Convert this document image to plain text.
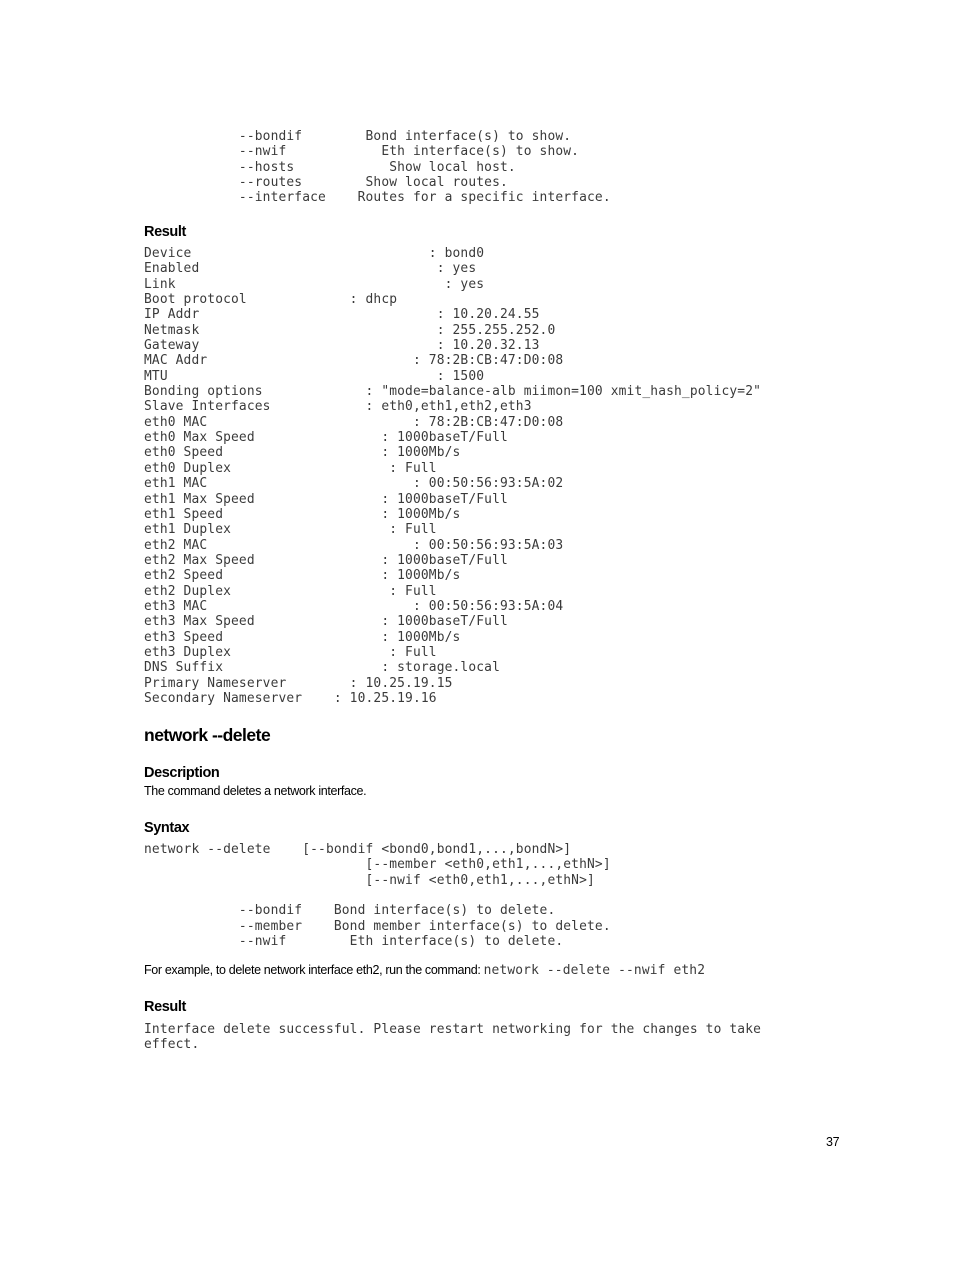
--bondif        Bond interface(s) to show.
--nwif            Eth interface(s) to show.
--hosts            Show local host.
--routes        Show local routes.
--interface    Routes for a specific interface.
Result
Device                              : bond0
Enabled                              : yes
Link                                  : yes
Boot protocol             : dhcp
IP Addr                              : 10.20.24.55
Netmask                              : 255.255.252.0
Gateway                              : 10.20.32.13
MAC Addr                          : 78:2B:CB:47:D0:08
MTU                                  : 1500
Bonding options             : "mode=balance-alb miimon=100 xmit_hash_policy=2"
Slave Interfaces            : eth0,eth1,eth2,eth3
eth0 MAC                          : 78:2B:CB:47:D0:08
eth0 Max Speed                : 1000baseT/Full
eth0 Speed                    : 1000Mb/s
eth0 Duplex                    : Full
eth1 MAC                          : 00:50:56:93:5A:02
eth1 Max Speed                : 1000baseT/Full
eth1 Speed                    : 1000Mb/s
eth1 Duplex                    : Full
eth2 MAC                          : 00:50:56:93:5A:03
eth2 Max Speed                : 1000baseT/Full
eth2 Speed                    : 1000Mb/s
eth2 Duplex                    : Full
eth3 MAC                          : 00:50:56:93:5A:04
eth3 Max Speed                : 1000baseT/Full
eth3 Speed                    : 1000Mb/s
eth3 Duplex                    : Full
DNS Suffix                    : storage.local
Primary Nameserver        : 10.25.19.15
Secondary Nameserver    : 10.25.19.16
network --delete
Description

The command deletes a network interface.

Syntax
network --delete    [--bondif <bond0,bond1,...,bondN>]
[--member <eth0,eth1,...,ethN>]
[--nwif <eth0,eth1,...,ethN>]

--bondif    Bond interface(s) to delete.
--member    Bond member interface(s) to delete.
--nwif        Eth interface(s) to delete.

For example, to delete network interface eth2, run the command: network --delete --nwif eth2

Result
Interface delete successful. Please restart networking for the changes to take
effect.
37
